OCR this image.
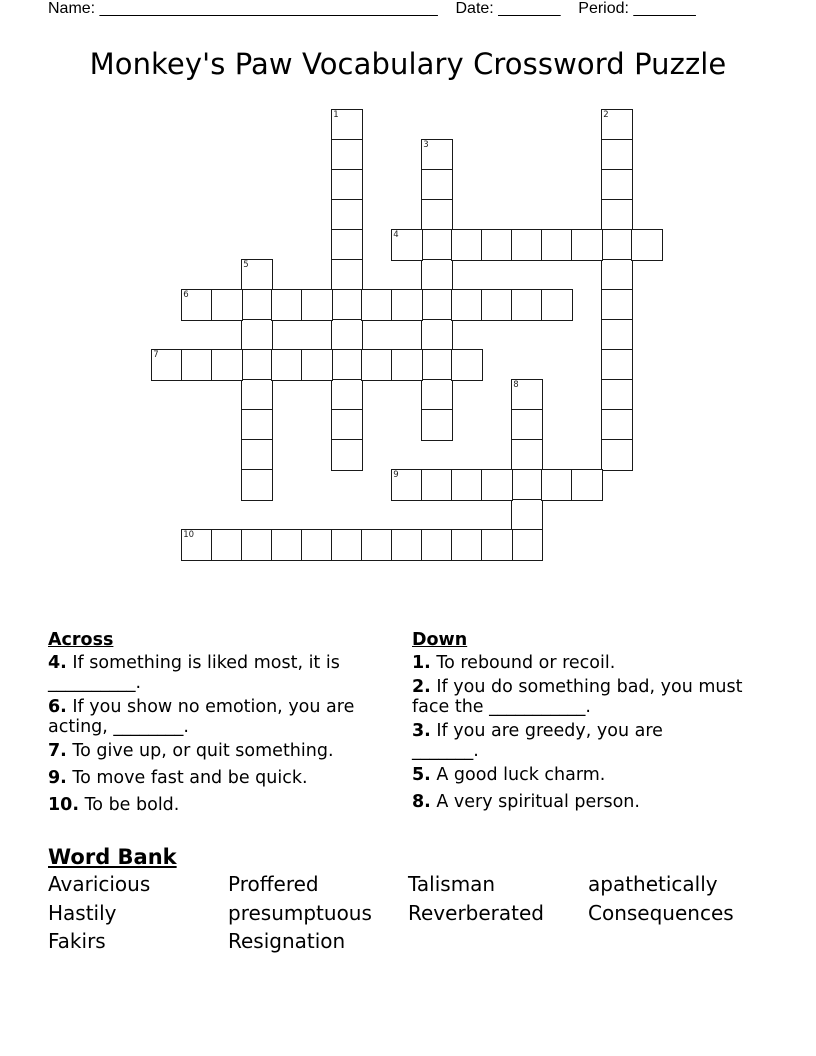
Name: ______________________________________ Date: _______ Period: _______
Monkey's Paw Vocabulary Crossword Puzzle
1	2
3
4
5
6
7
8
9
10
Across
4. If something is liked most, it is __________.
6. If you show no emotion, you are acting, ________.
7. To give up, or quit something.
9. To move fast and be quick.
10. To be bold.
Down
1. To rebound or recoil.
2. If you do something bad, you must face the ___________.
3. If you are greedy, you are _______.
5. A good luck charm.
8. A very spiritual person.
Word Bank
Avaricious	Proffered	Talisman	apathetically
Hastily	presumptuous	Reverberated	Consequences
Fakirs	Resignation
